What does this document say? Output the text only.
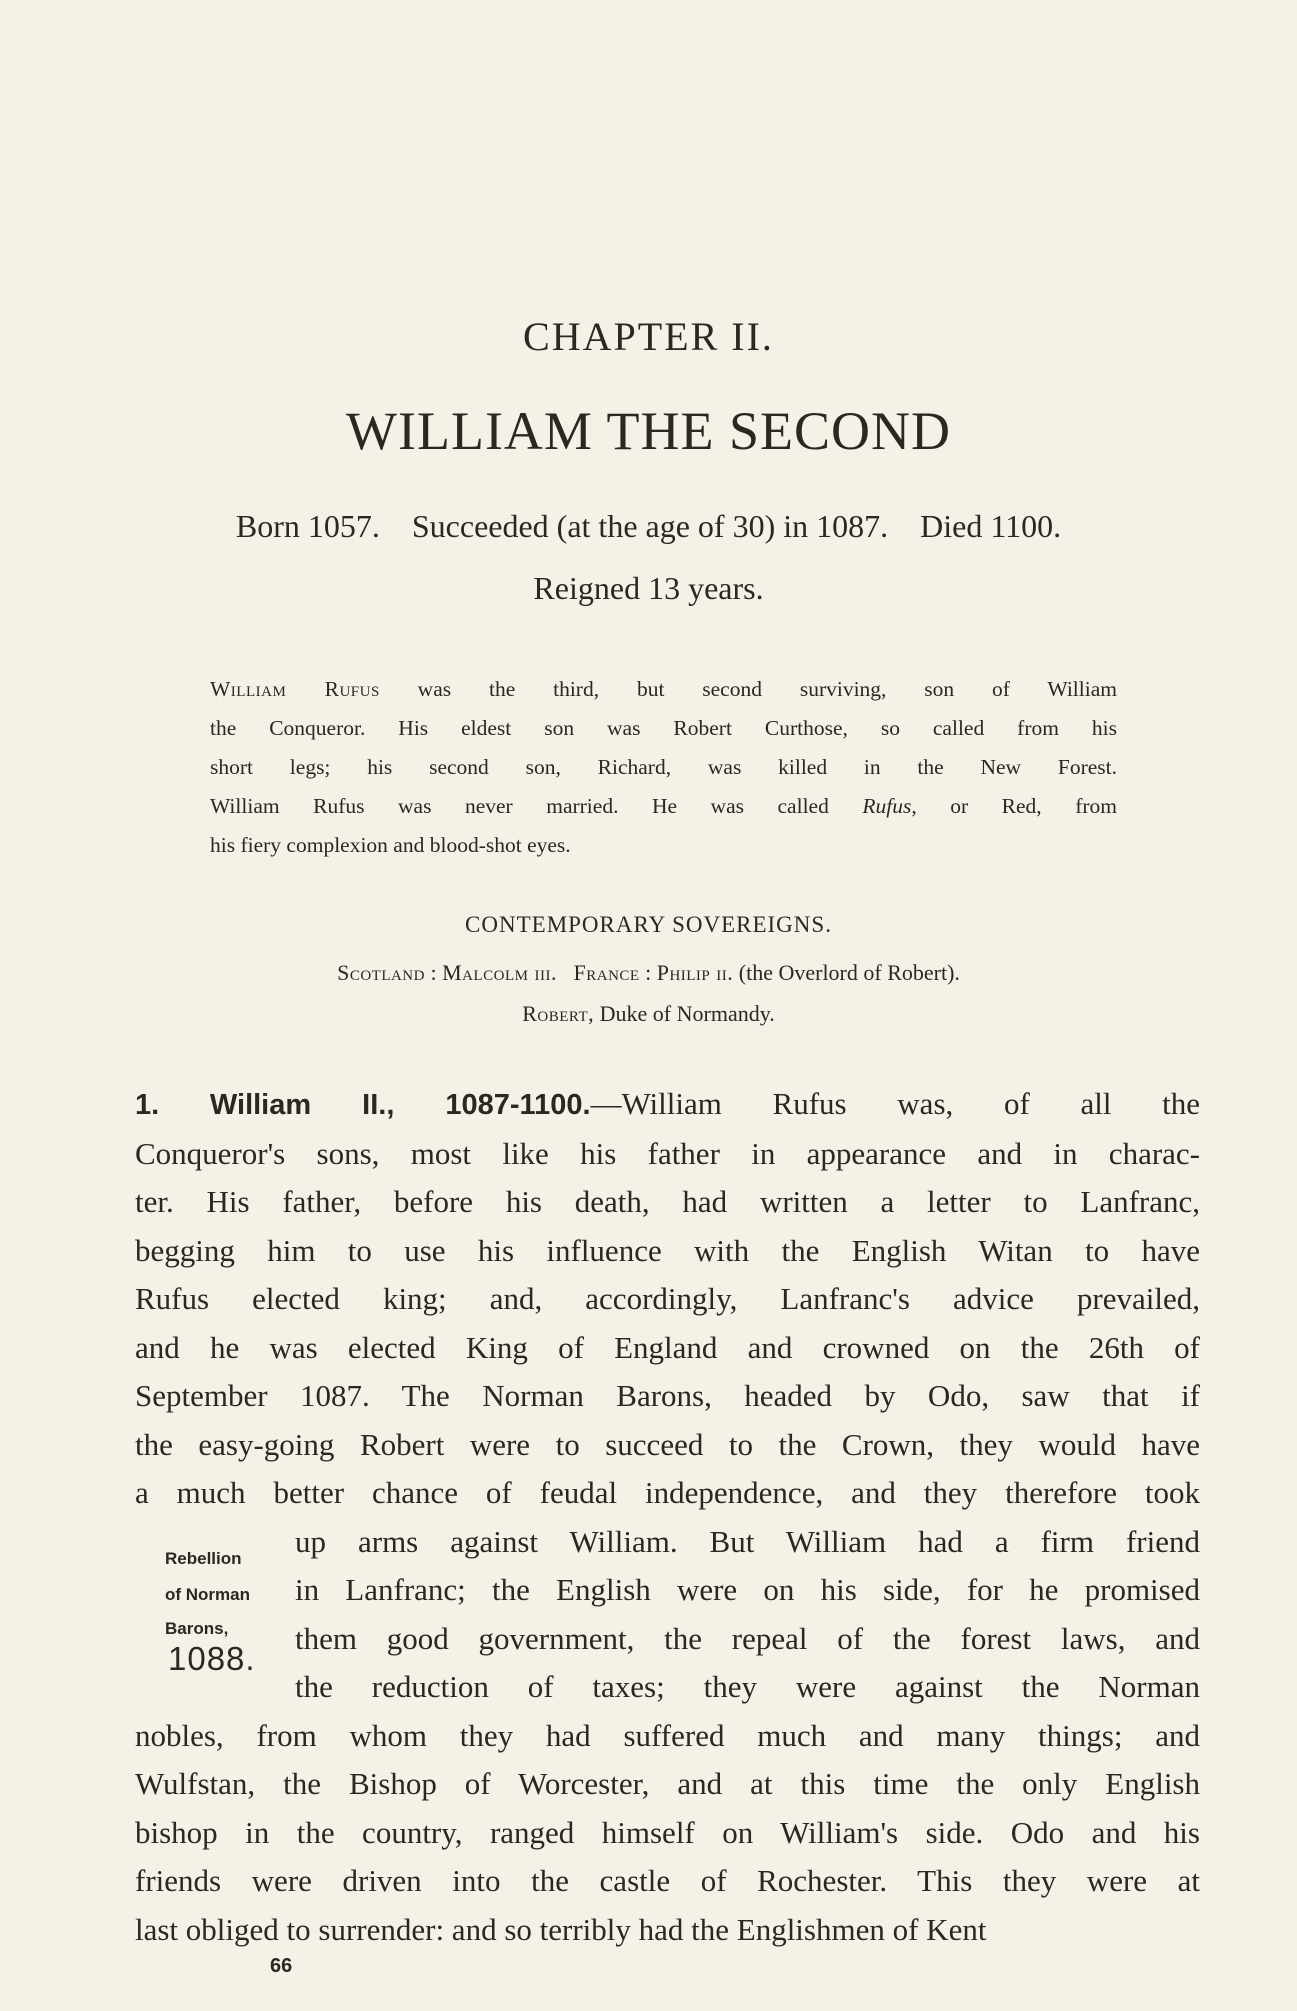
CHAPTER II.
WILLIAM THE SECOND
Born 1057. Succeeded (at the age of 30) in 1087. Died 1100.
Reigned 13 years.
William Rufus was the third, but second surviving, son of William
the Conqueror. His eldest son was Robert Curthose, so called from his
short legs; his second son, Richard, was killed in the New Forest.
William Rufus was never married. He was called Rufus, or Red, from
his fiery complexion and blood-shot eyes.
CONTEMPORARY SOVEREIGNS.
Scotland : Malcolm iii. France : Philip ii. (the Overlord of Robert).
Robert, Duke of Normandy.
1. William II., 1087-1100.—William Rufus was, of all the
Conqueror's sons, most like his father in appearance and in charac-
ter. His father, before his death, had written a letter to Lanfranc,
begging him to use his influence with the English Witan to have
Rufus elected king; and, accordingly, Lanfranc's advice prevailed,
and he was elected King of England and crowned on the 26th of
September 1087. The Norman Barons, headed by Odo, saw that if
the easy-going Robert were to succeed to the Crown, they would have
a much better chance of feudal independence, and they therefore took
up arms against William. But William had a firm friend
in Lanfranc; the English were on his side, for he promised
them good government, the repeal of the forest laws, and
the reduction of taxes; they were against the Norman
nobles, from whom they had suffered much and many things; and
Wulfstan, the Bishop of Worcester, and at this time the only English
bishop in the country, ranged himself on William's side. Odo and his
friends were driven into the castle of Rochester. This they were at
last obliged to surrender: and so terribly had the Englishmen of Kent
Rebellion
of Norman
Barons,
1088.
66
